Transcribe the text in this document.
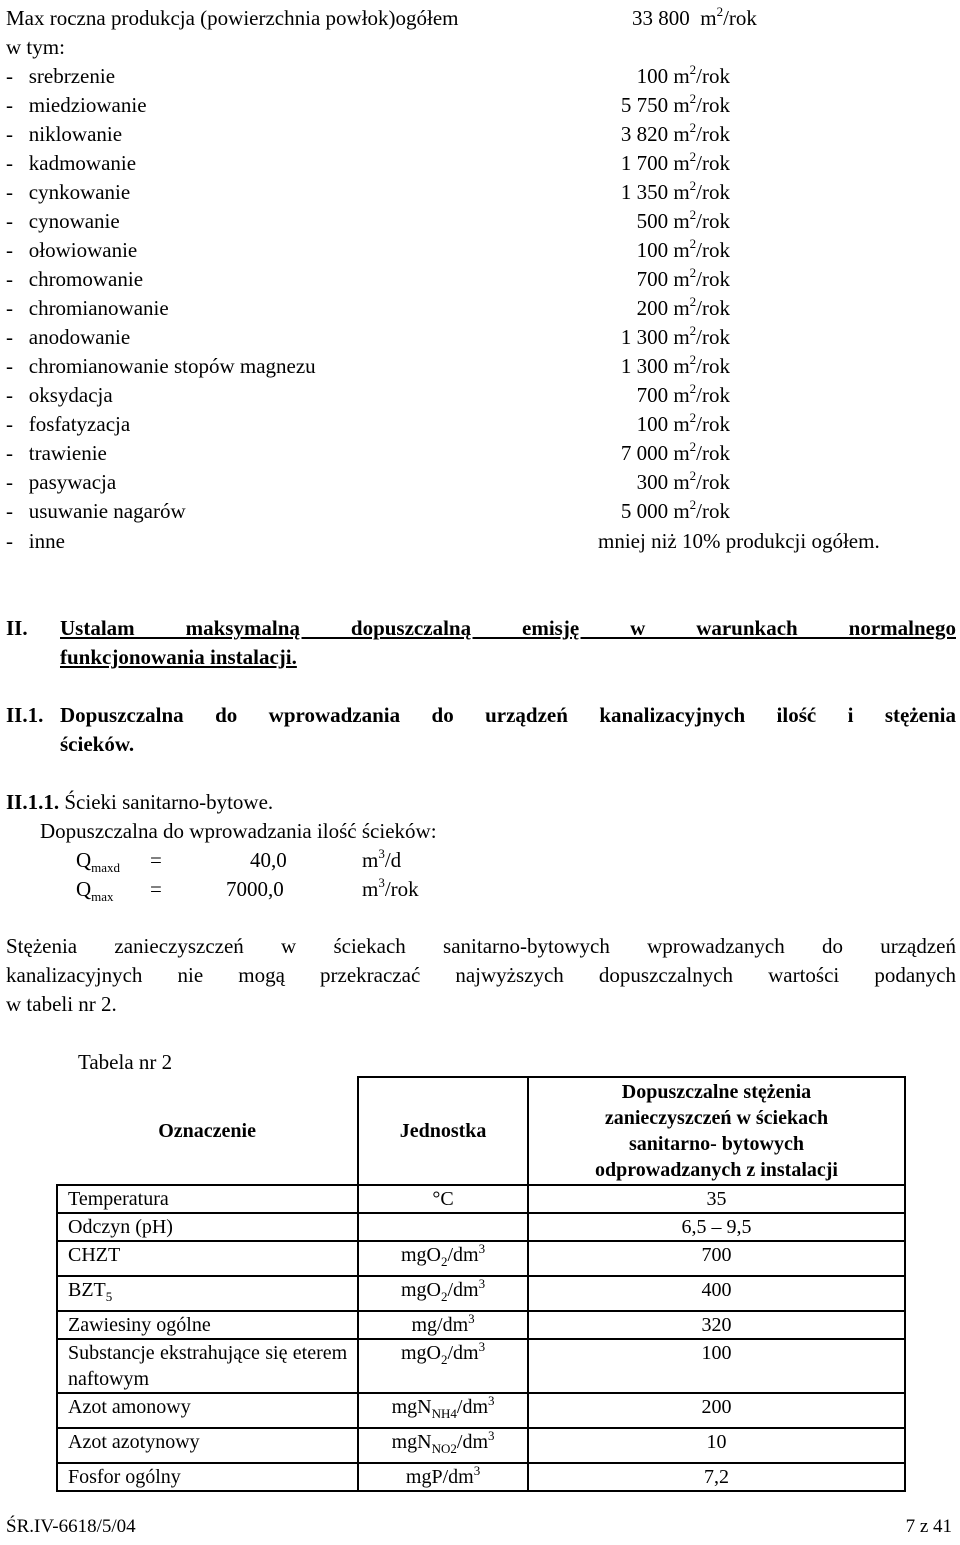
Max roczna produkcja (powierzchnia powłok)ogółem	33 800 $m^2$/rok
w tym:
-   srebrzenie	100 $m^2$/rok
-   miedziowanie	5 750 $m^2$/rok
-   niklowanie	3 820 $m^2$/rok
-   kadmowanie	1 700 $m^2$/rok
-   cynkowanie	1 350 $m^2$/rok
-   cynowanie	500 $m^2$/rok
-   ołowiowanie	100 $m^2$/rok
-   chromowanie	700 $m^2$/rok
-   chromianowanie	200 $m^2$/rok
-   anodowanie	1 300 $m^2$/rok
-   chromianowanie stopów magnezu	1 300 $m^2$/rok
-   oksydacja	700 $m^2$/rok
-   fosfatyzacja	100 $m^2$/rok
-   trawienie	7 000 $m^2$/rok
-   pasywacja	300 $m^2$/rok
-   usuwanie nagarów	5 000 $m^2$/rok
-   inne	mniej niż 10% produkcji ogółem.
II. Ustalam maksymalną dopuszczalną emisję w warunkach normalnego
funkcjonowania instalacji.
II.1. Dopuszczalna do wprowadzania do urządzeń kanalizacyjnych ilość i stężenia
ścieków.
II.1.1. Ścieki sanitarno-bytowe.
Dopuszczalna do wprowadzania ilość ścieków:
$Q_{maxd}$ =	40,0	$m^3/d$
$Q_{max}$ =	7000,0	$m^3$/rok
Stężenia zanieczyszczeń w ściekach sanitarno-bytowych wprowadzanych do urządzeń
kanalizacyjnych nie mogą przekraczać najwyższych dopuszczalnych wartości podanych
w tabeli nr 2.
Tabela nr 2
Oznaczenie	Jednostka	Dopuszczalne stężenia
zanieczyszczeń w ściekach
sanitarno- bytowych
odprowadzanych z instalacji

Temperatura	°C	35
Odczyn (pH)		6,5 – 9,5
CHZT	$mgO_2/dm^3$	700
$BZT_5$	$mgO_2/dm^3$	400
Zawiesiny ogólne	$mg/dm^3$	320
Substancje ekstrahujące się eterem naftowym	$mgO_2/dm^3$	100
Azot amonowy	$mgN_{NH4}/dm^3$	200
Azot azotynowy	$mgN_{NO2}/dm^3$	10
Fosfor ogólny	mgP/$dm^3$	7,2
ŚR.IV-6618/5/04	7 z 41
